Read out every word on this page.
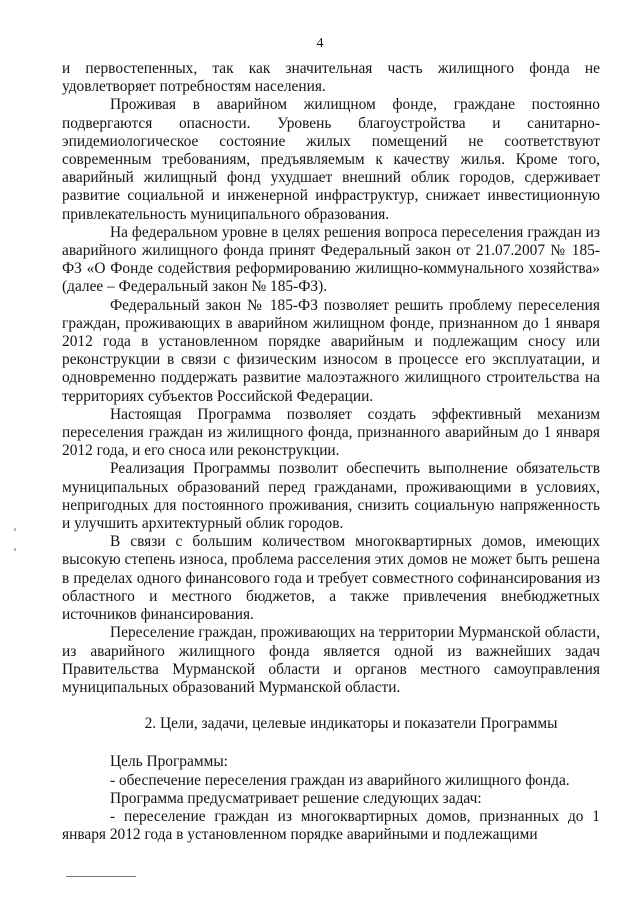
4

и первостепенных, так как значительная часть жилищного фонда не удовлетворяет потребностям населения.

Проживая в аварийном жилищном фонде, граждане постоянно подвергаются опасности. Уровень благоустройства и санитарно-эпидемиологическое состояние жилых помещений не соответствуют современным требованиям, предъявляемым к качеству жилья. Кроме того, аварийный жилищный фонд ухудшает внешний облик городов, сдерживает развитие социальной и инженерной инфраструктур, снижает инвестиционную привлекательность муниципального образования.

На федеральном уровне в целях решения вопроса переселения граждан из аварийного жилищного фонда принят Федеральный закон от 21.07.2007 № 185-ФЗ «О Фонде содействия реформированию жилищно-коммунального хозяйства» (далее – Федеральный закон № 185-ФЗ).

Федеральный закон № 185-ФЗ позволяет решить проблему переселения граждан, проживающих в аварийном жилищном фонде, признанном до 1 января 2012 года в установленном порядке аварийным и подлежащим сносу или реконструкции в связи с физическим износом в процессе его эксплуатации, и одновременно поддержать развитие малоэтажного жилищного строительства на территориях субъектов Российской Федерации.

Настоящая Программа позволяет создать эффективный механизм переселения граждан из жилищного фонда, признанного аварийным до 1 января 2012 года, и его сноса или реконструкции.

Реализация Программы позволит обеспечить выполнение обязательств муниципальных образований перед гражданами, проживающими в условиях, непригодных для постоянного проживания, снизить социальную напряженность и улучшить архитектурный облик городов.

В связи с большим количеством многоквартирных домов, имеющих высокую степень износа, проблема расселения этих домов не может быть решена в пределах одного финансового года и требует совместного софинансирования из областного и местного бюджетов, а также привлечения внебюджетных источников финансирования.

Переселение граждан, проживающих на территории Мурманской области, из аварийного жилищного фонда является одной из важнейших задач Правительства Мурманской области и органов местного самоуправления муниципальных образований Мурманской области.

2. Цели, задачи, целевые индикаторы и показатели Программы

Цель Программы:

- обеспечение переселения граждан из аварийного жилищного фонда.

Программа предусматривает решение следующих задач:

- переселение граждан из многоквартирных домов, признанных до 1 января 2012 года в установленном порядке аварийными и подлежащими
